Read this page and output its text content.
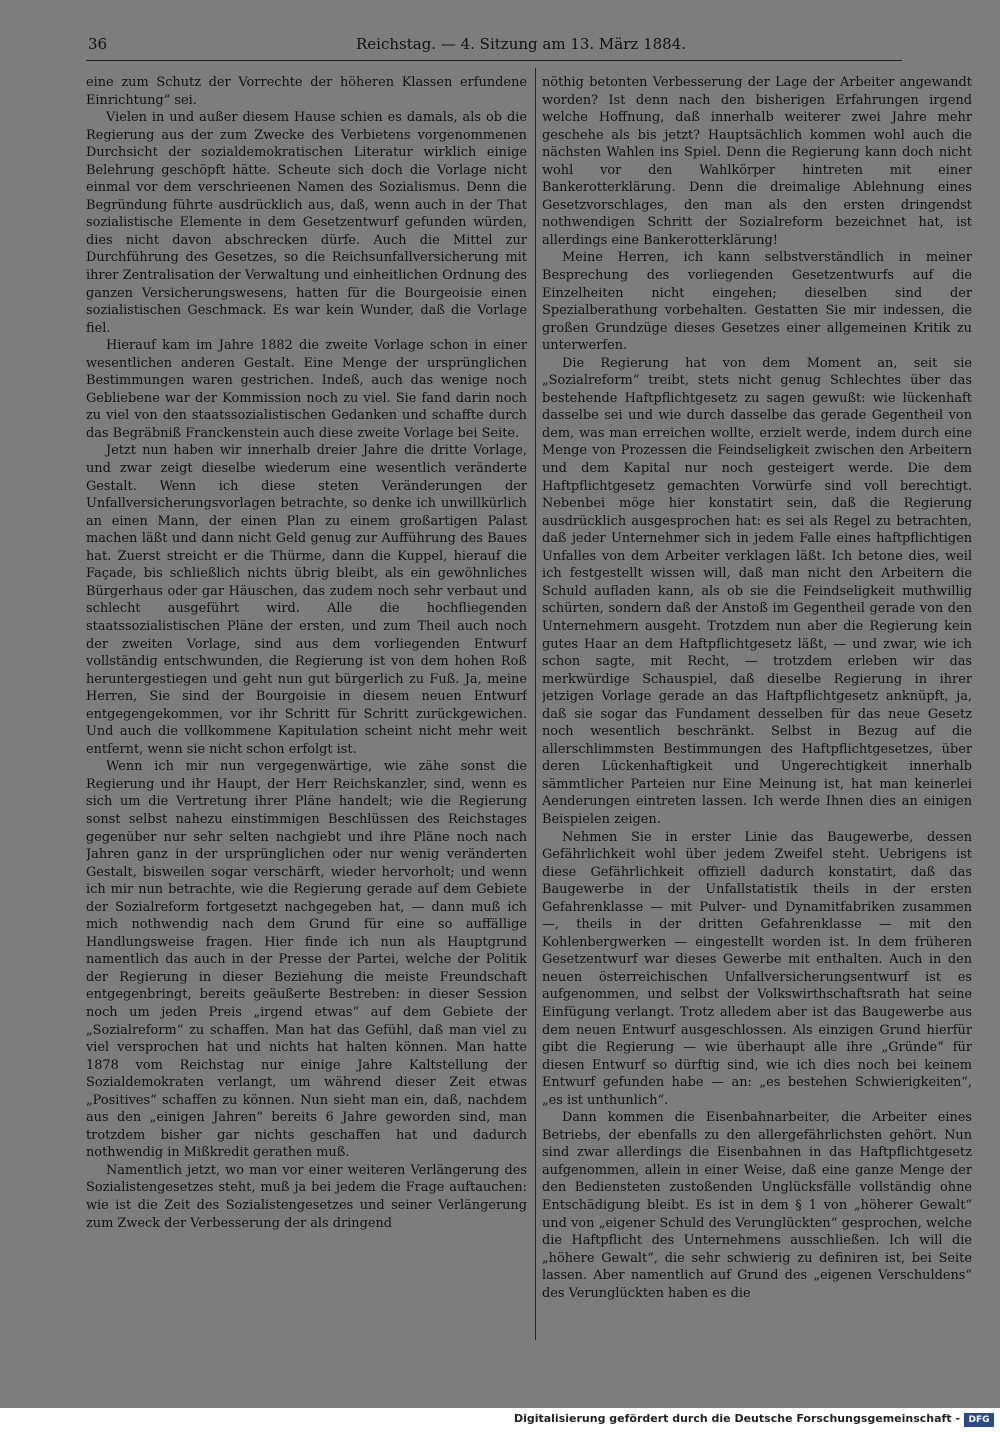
36	Reichstag. — 4. Sitzung am 13. März 1884.

eine zum Schutz der Vorrechte der höheren Klassen erfundene Einrichtung“ sei.

Vielen in und außer diesem Hause schien es damals, als ob die Regierung aus der zum Zwecke des Verbietens vorgenommenen Durchsicht der sozialdemokratischen Literatur wirklich einige Belehrung geschöpft hätte. Scheute sich doch die Vorlage nicht einmal vor dem verschrieenen Namen des Sozialismus. Denn die Begründung führte ausdrücklich aus, daß, wenn auch in der That sozialistische Elemente in dem Gesetzentwurf gefunden würden, dies nicht davon abschrecken dürfe. Auch die Mittel zur Durchführung des Gesetzes, so die Reichsunfallversicherung mit ihrer Zentralisation der Verwaltung und einheitlichen Ordnung des ganzen Versicherungswesens, hatten für die Bourgeoisie einen sozialistischen Geschmack. Es war kein Wunder, daß die Vorlage fiel.

Hierauf kam im Jahre 1882 die zweite Vorlage schon in einer wesentlichen anderen Gestalt. Eine Menge der ursprünglichen Bestimmungen waren gestrichen. Indeß, auch das wenige noch Gebliebene war der Kommission noch zu viel. Sie fand darin noch zu viel von den staatssozialistischen Gedanken und schaffte durch das Begräbniß Franckenstein auch diese zweite Vorlage bei Seite.

Jetzt nun haben wir innerhalb dreier Jahre die dritte Vorlage, und zwar zeigt dieselbe wiederum eine wesentlich veränderte Gestalt. Wenn ich diese steten Veränderungen der Unfallversicherungsvorlagen betrachte, so denke ich unwillkürlich an einen Mann, der einen Plan zu einem großartigen Palast machen läßt und dann nicht Geld genug zur Aufführung des Baues hat. Zuerst streicht er die Thürme, dann die Kuppel, hierauf die Façade, bis schließlich nichts übrig bleibt, als ein gewöhnliches Bürgerhaus oder gar Häuschen, das zudem noch sehr verbaut und schlecht ausgeführt wird. Alle die hochfliegenden staatssozialistischen Pläne der ersten, und zum Theil auch noch der zweiten Vorlage, sind aus dem vorliegenden Entwurf vollständig entschwunden, die Regierung ist von dem hohen Roß heruntergestiegen und geht nun gut bürgerlich zu Fuß. Ja, meine Herren, Sie sind der Bourgoisie in diesem neuen Entwurf entgegengekommen, vor ihr Schritt für Schritt zurückgewichen. Und auch die vollkommene Kapitulation scheint nicht mehr weit entfernt, wenn sie nicht schon erfolgt ist.

Wenn ich mir nun vergegenwärtige, wie zähe sonst die Regierung und ihr Haupt, der Herr Reichskanzler, sind, wenn es sich um die Vertretung ihrer Pläne handelt; wie die Regierung sonst selbst nahezu einstimmigen Beschlüssen des Reichstages gegenüber nur sehr selten nachgiebt und ihre Pläne noch nach Jahren ganz in der ursprünglichen oder nur wenig veränderten Gestalt, bisweilen sogar verschärft, wieder hervorholt; und wenn ich mir nun betrachte, wie die Regierung gerade auf dem Gebiete der Sozialreform fortgesetzt nachgegeben hat, — dann muß ich mich nothwendig nach dem Grund für eine so auffällige Handlungsweise fragen. Hier finde ich nun als Hauptgrund namentlich das auch in der Presse der Partei, welche der Politik der Regierung in dieser Beziehung die meiste Freundschaft entgegenbringt, bereits geäußerte Bestreben: in dieser Session noch um jeden Preis „irgend etwas“ auf dem Gebiete der „Sozialreform“ zu schaffen. Man hat das Gefühl, daß man viel zu viel versprochen hat und nichts hat halten können. Man hatte 1878 vom Reichstag nur einige Jahre Kaltstellung der Sozialdemokraten verlangt, um während dieser Zeit etwas „Positives“ schaffen zu können. Nun sieht man ein, daß, nachdem aus den „einigen Jahren“ bereits 6 Jahre geworden sind, man trotzdem bisher gar nichts geschaffen hat und dadurch nothwendig in Mißkredit gerathen muß.

Namentlich jetzt, wo man vor einer weiteren Verlängerung des Sozialistengesetzes steht, muß ja bei jedem die Frage auftauchen: wie ist die Zeit des Sozialistengesetzes und seiner Verlängerung zum Zweck der Verbesserung der als dringend

nöthig betonten Verbesserung der Lage der Arbeiter angewandt worden? Ist denn nach den bisherigen Erfahrungen irgend welche Hoffnung, daß innerhalb weiterer zwei Jahre mehr geschehe als bis jetzt? Hauptsächlich kommen wohl auch die nächsten Wahlen ins Spiel. Denn die Regierung kann doch nicht wohl vor den Wahlkörper hintreten mit einer Bankerotterklärung. Denn die dreimalige Ablehnung eines Gesetzvorschlages, den man als den ersten dringendst nothwendigen Schritt der Sozialreform bezeichnet hat, ist allerdings eine Bankerotterklärung!

Meine Herren, ich kann selbstverständlich in meiner Besprechung des vorliegenden Gesetzentwurfs auf die Einzelheiten nicht eingehen; dieselben sind der Spezialberathung vorbehalten. Gestatten Sie mir indessen, die großen Grundzüge dieses Gesetzes einer allgemeinen Kritik zu unterwerfen.

Die Regierung hat von dem Moment an, seit sie „Sozialreform“ treibt, stets nicht genug Schlechtes über das bestehende Haftpflichtgesetz zu sagen gewußt: wie lückenhaft dasselbe sei und wie durch dasselbe das gerade Gegentheil von dem, was man erreichen wollte, erzielt werde, indem durch eine Menge von Prozessen die Feindseligkeit zwischen den Arbeitern und dem Kapital nur noch gesteigert werde. Die dem Haftpflichtgesetz gemachten Vorwürfe sind voll berechtigt. Nebenbei möge hier konstatirt sein, daß die Regierung ausdrücklich ausgesprochen hat: es sei als Regel zu betrachten, daß jeder Unternehmer sich in jedem Falle eines haftpflichtigen Unfalles von dem Arbeiter verklagen läßt. Ich betone dies, weil ich festgestellt wissen will, daß man nicht den Arbeitern die Schuld aufladen kann, als ob sie die Feindseligkeit muthwillig schürten, sondern daß der Anstoß im Gegentheil gerade von den Unternehmern ausgeht. Trotzdem nun aber die Regierung kein gutes Haar an dem Haftpflichtgesetz läßt, — und zwar, wie ich schon sagte, mit Recht, — trotzdem erleben wir das merkwürdige Schauspiel, daß dieselbe Regierung in ihrer jetzigen Vorlage gerade an das Haftpflichtgesetz anknüpft, ja, daß sie sogar das Fundament desselben für das neue Gesetz noch wesentlich beschränkt. Selbst in Bezug auf die allerschlimmsten Bestimmungen des Haftpflichtgesetzes, über deren Lückenhaftigkeit und Ungerechtigkeit innerhalb sämmtlicher Parteien nur Eine Meinung ist, hat man keinerlei Aenderungen eintreten lassen. Ich werde Ihnen dies an einigen Beispielen zeigen.

Nehmen Sie in erster Linie das Baugewerbe, dessen Gefährlichkeit wohl über jedem Zweifel steht. Uebrigens ist diese Gefährlichkeit offiziell dadurch konstatirt, daß das Baugewerbe in der Unfallstatistik theils in der ersten Gefahrenklasse — mit Pulver- und Dynamitfabriken zusammen —, theils in der dritten Gefahrenklasse — mit den Kohlenbergwerken — eingestellt worden ist. In dem früheren Gesetzentwurf war dieses Gewerbe mit enthalten. Auch in den neuen österreichischen Unfallversicherungsentwurf ist es aufgenommen, und selbst der Volkswirthschaftsrath hat seine Einfügung verlangt. Trotz alledem aber ist das Baugewerbe aus dem neuen Entwurf ausgeschlossen. Als einzigen Grund hierfür gibt die Regierung — wie überhaupt alle ihre „Gründe“ für diesen Entwurf so dürftig sind, wie ich dies noch bei keinem Entwurf gefunden habe — an: „es bestehen Schwierigkeiten“, „es ist unthunlich“.

Dann kommen die Eisenbahnarbeiter, die Arbeiter eines Betriebs, der ebenfalls zu den allergefährlichsten gehört. Nun sind zwar allerdings die Eisenbahnen in das Haftpflichtgesetz aufgenommen, allein in einer Weise, daß eine ganze Menge der den Bediensteten zustoßenden Unglücksfälle vollständig ohne Entschädigung bleibt. Es ist in dem § 1 von „höherer Gewalt“ und von „eigener Schuld des Verunglückten“ gesprochen, welche die Haftpflicht des Unternehmens ausschließen. Ich will die „höhere Gewalt“, die sehr schwierig zu definiren ist, bei Seite lassen. Aber namentlich auf Grund des „eigenen Verschuldens“ des Verunglückten haben es die

Digitalisierung gefördert durch die Deutsche Forschungsgemeinschaft - DFG
